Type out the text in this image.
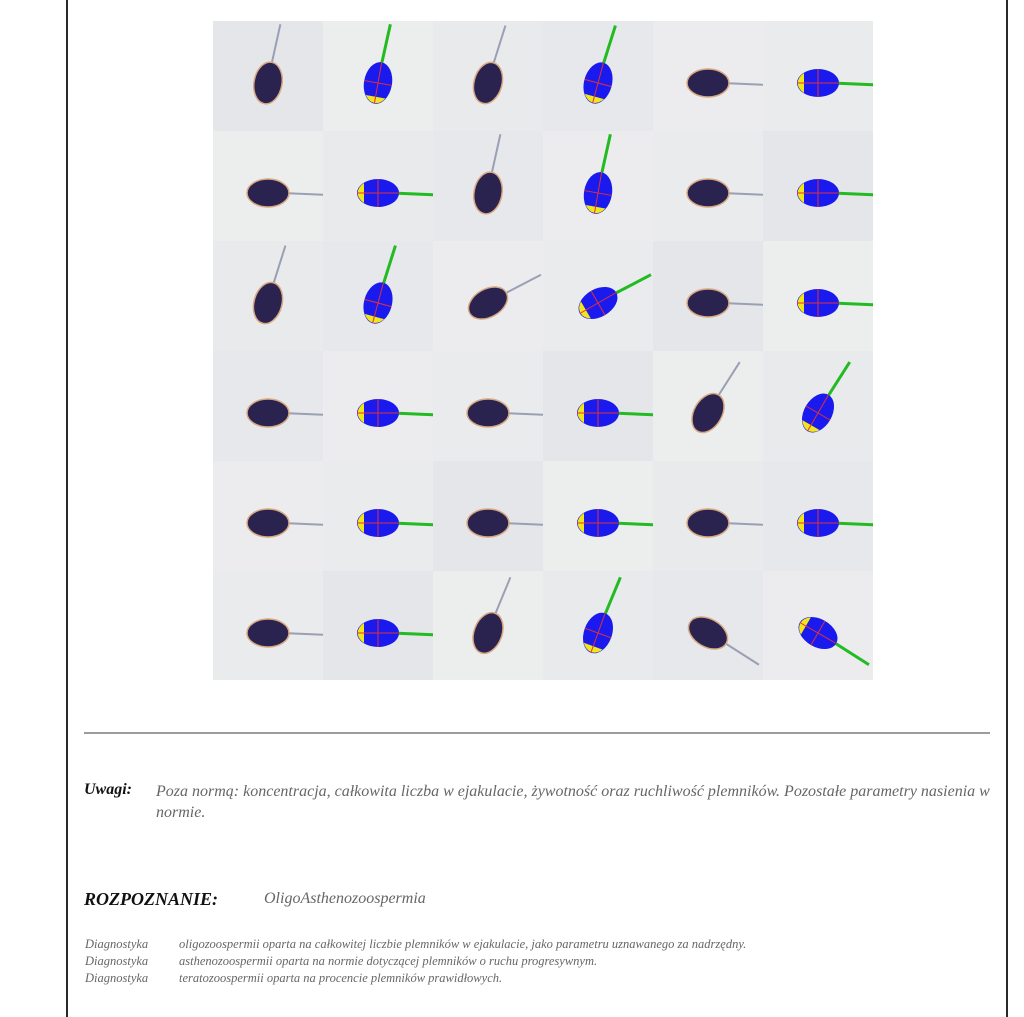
Uwagi: Poza normą: koncentracja, całkowita liczba w ejakulacie, żywotność oraz ruchliwość plemników. Pozostałe parametry nasienia w normie.
ROZPOZNANIE:	OligoAsthenozoospermia
Diagnostyka oligozoospermii oparta na całkowitej liczbie plemników w ejakulacie, jako parametru uznawanego za nadrzędny.
Diagnostyka asthenozoospermii oparta na normie dotyczącej plemników o ruchu progresywnym.
Diagnostyka teratozoospermii oparta na procencie plemników prawidłowych.
